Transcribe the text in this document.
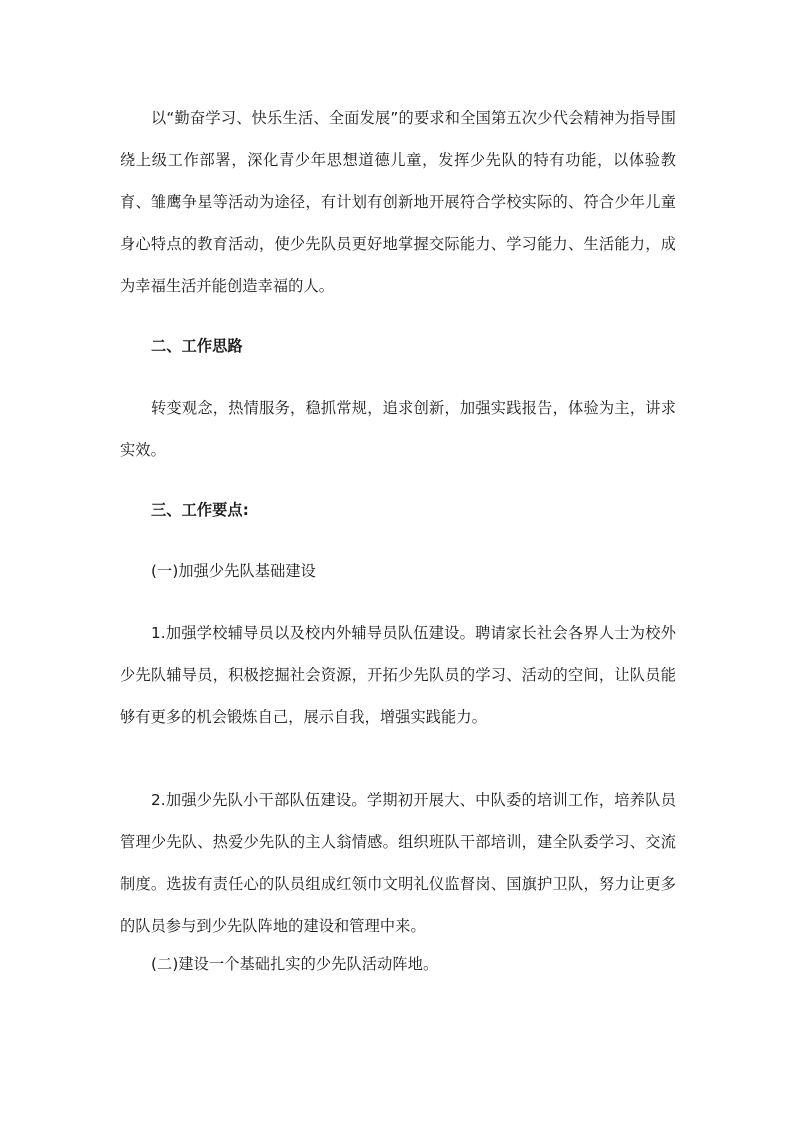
以“勤奋学习、快乐生活、全面发展”的要求和全国第五次少代会精神为指导围绕上级工作部署，深化青少年思想道德儿童，发挥少先队的特有功能，以体验教育、雏鹰争星等活动为途径，有计划有创新地开展符合学校实际的、符合少年儿童身心特点的教育活动，使少先队员更好地掌握交际能力、学习能力、生活能力，成为幸福生活并能创造幸福的人。

二、工作思路

转变观念，热情服务，稳抓常规，追求创新，加强实践报告，体验为主，讲求实效。

三、工作要点:

(一)加强少先队基础建设

1.加强学校辅导员以及校内外辅导员队伍建设。聘请家长社会各界人士为校外少先队辅导员，积极挖掘社会资源，开拓少先队员的学习、活动的空间，让队员能够有更多的机会锻炼自己，展示自我，增强实践能力。

2.加强少先队小干部队伍建设。学期初开展大、中队委的培训工作，培养队员管理少先队、热爱少先队的主人翁情感。组织班队干部培训，建全队委学习、交流制度。选拔有责任心的队员组成红领巾文明礼仪监督岗、国旗护卫队，努力让更多的队员参与到少先队阵地的建设和管理中来。

(二)建设一个基础扎实的少先队活动阵地。
